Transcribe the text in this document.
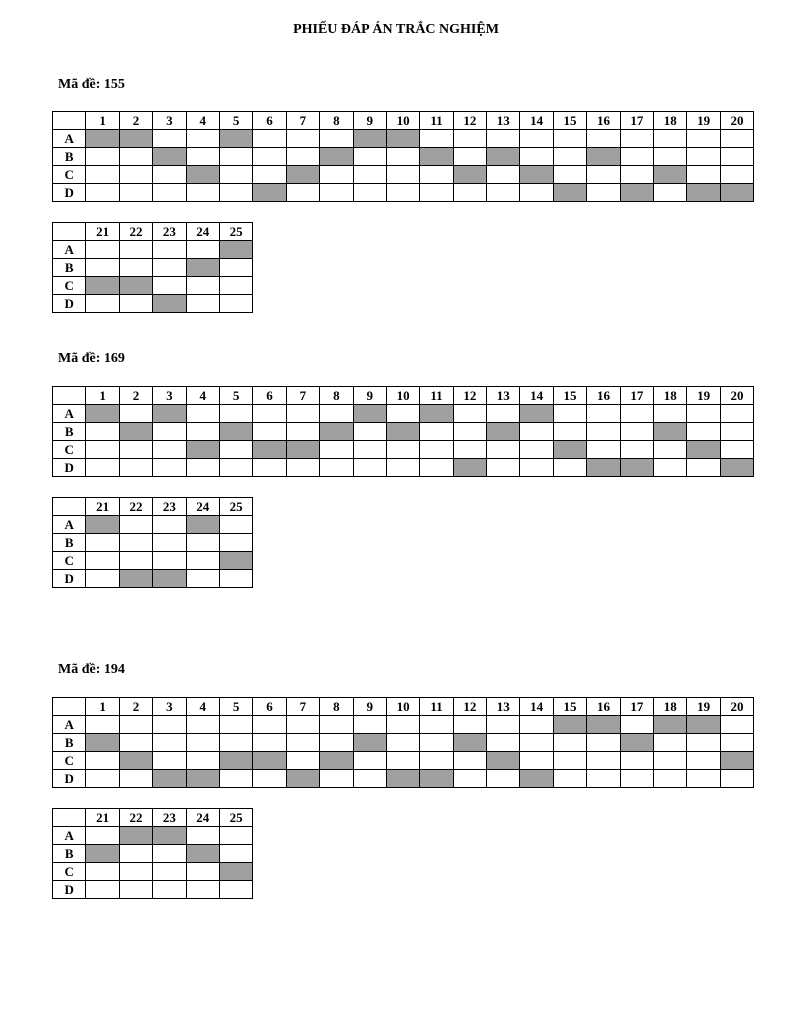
PHIẾU ĐÁP ÁN TRẮC NGHIỆM
Mã đề: 155
	1	2	3	4	5	6	7	8	9	10	11	12	13	14	15	16	17	18	19	20
A																				
B																				
C																				
D																				
	21	22	23	24	25
A					
B					
C					
D					
Mã đề: 169
	1	2	3	4	5	6	7	8	9	10	11	12	13	14	15	16	17	18	19	20
A																				
B																				
C																				
D																				
	21	22	23	24	25
A					
B					
C					
D					
Mã đề: 194
	1	2	3	4	5	6	7	8	9	10	11	12	13	14	15	16	17	18	19	20
A																				
B																				
C																				
D																				
	21	22	23	24	25
A					
B					
C					
D					
